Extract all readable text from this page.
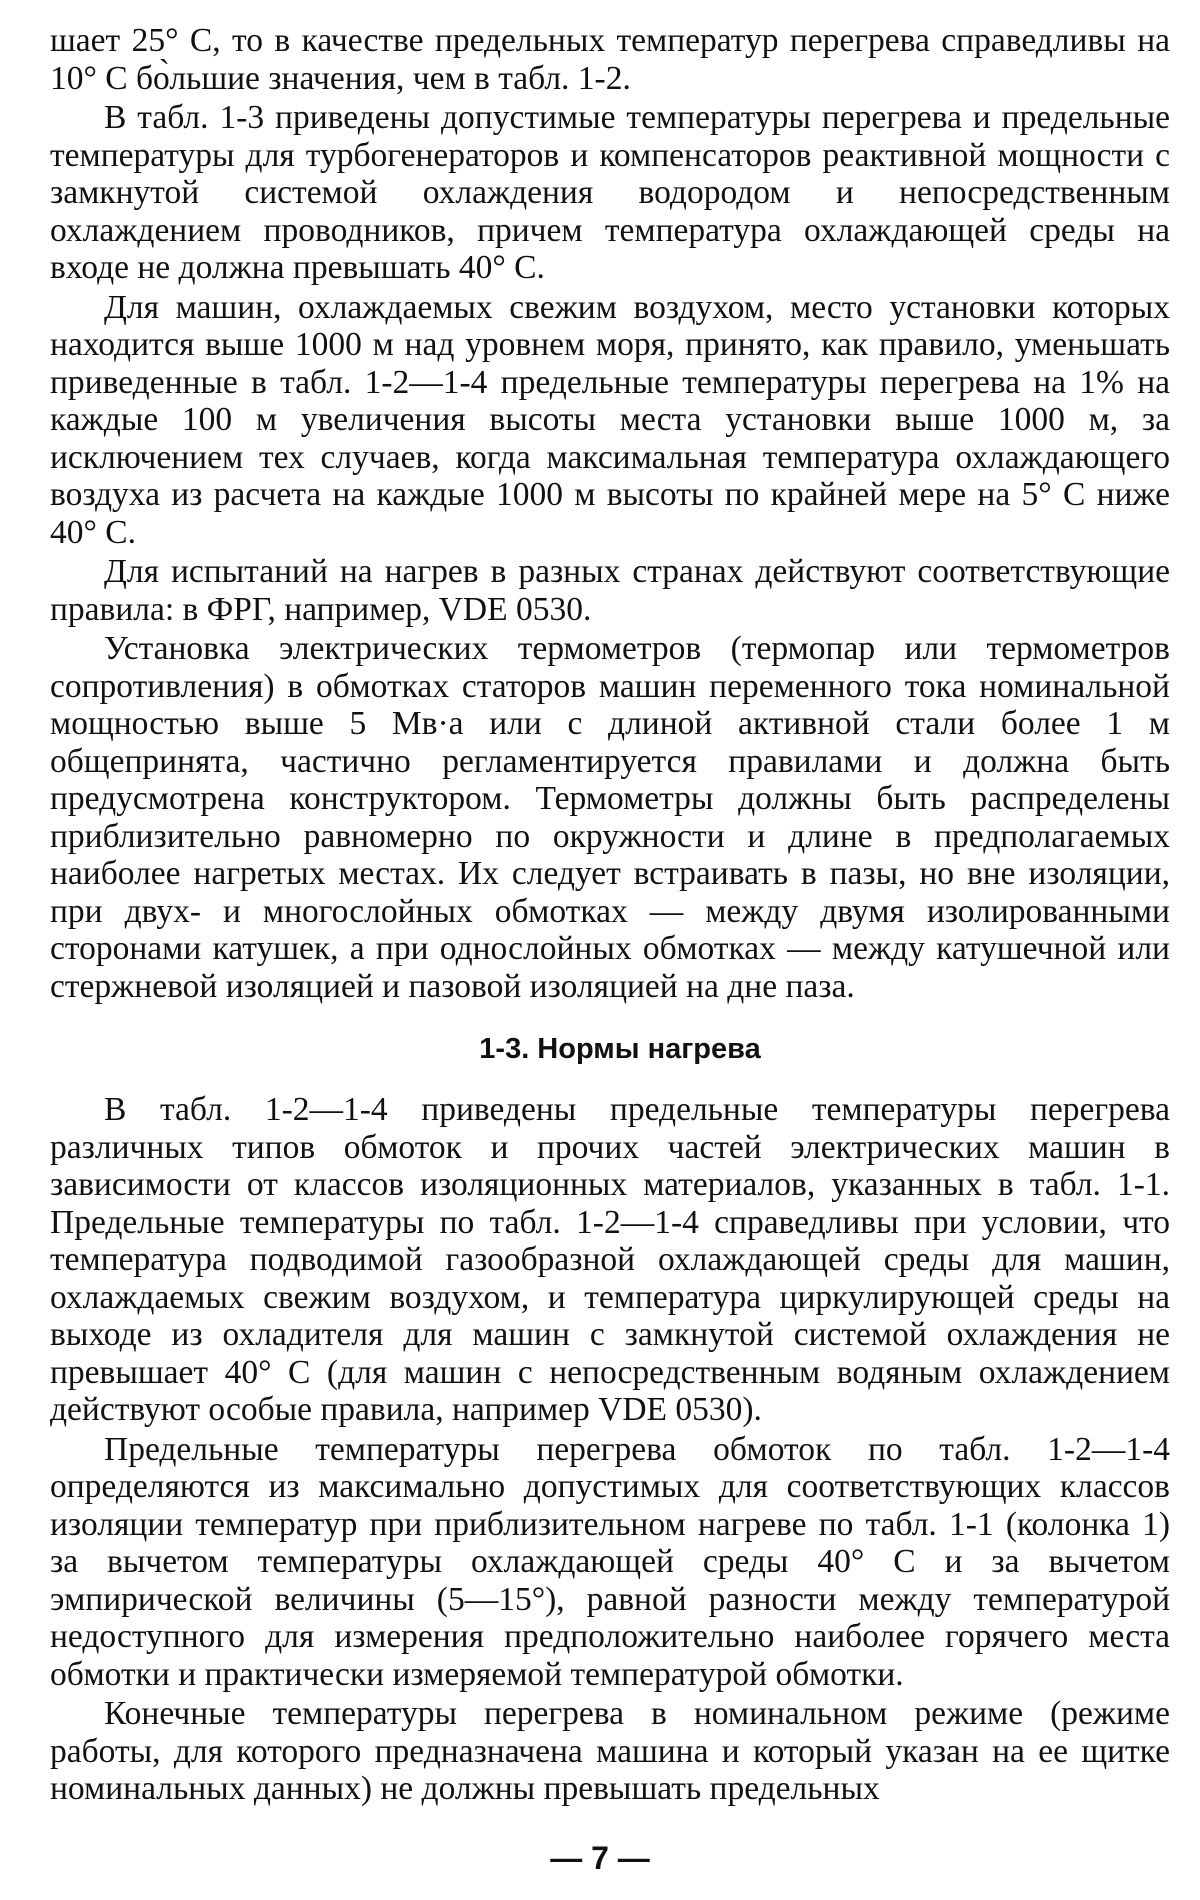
шает 25° С, то в качестве предельных температур перегрева справедливы на 10° С бо̀льшие значения, чем в табл. 1-2.

В табл. 1-3 приведены допустимые температуры перегрева и предельные температуры для турбогенераторов и компенсаторов реактивной мощности с замкнутой системой охлаждения водородом и непосредственным охлаждением проводников, причем температура охлаждающей среды на входе не должна превышать 40° С.

Для машин, охлаждаемых свежим воздухом, место установки которых находится выше 1000 м над уровнем моря, принято, как правило, уменьшать приведенные в табл. 1-2—1-4 предельные температуры перегрева на 1% на каждые 100 м увеличения высоты места установки выше 1000 м, за исключением тех случаев, когда максимальная температура охлаждающего воздуха из расчета на каждые 1000 м высоты по крайней мере на 5° С ниже 40° С.

Для испытаний на нагрев в разных странах действуют соответствующие правила: в ФРГ, например, VDE 0530.

Установка электрических термометров (термопар или термометров сопротивления) в обмотках статоров машин переменного тока номинальной мощностью выше 5 Мв·а или с длиной активной стали более 1 м общепринята, частично регламентируется правилами и должна быть предусмотрена конструктором. Термометры должны быть распределены приблизительно равномерно по окружности и длине в предполагаемых наиболее нагретых местах. Их следует встраивать в пазы, но вне изоляции, при двух- и многослойных обмотках — между двумя изолированными сторонами катушек, а при однослойных обмотках — между катушечной или стержневой изоляцией и пазовой изоляцией на дне паза.

1-3. Нормы нагрева

В табл. 1-2—1-4 приведены предельные температуры перегрева различных типов обмоток и прочих частей электрических машин в зависимости от классов изоляционных материалов, указанных в табл. 1-1. Предельные температуры по табл. 1-2—1-4 справедливы при условии, что температура подводимой газообразной охлаждающей среды для машин, охлаждаемых свежим воздухом, и температура циркулирующей среды на выходе из охладителя для машин с замкнутой системой охлаждения не превышает 40° С (для машин с непосредственным водяным охлаждением действуют особые правила, например VDE 0530).

Предельные температуры перегрева обмоток по табл. 1-2—1-4 определяются из максимально допустимых для соответствующих классов изоляции температур при приблизительном нагреве по табл. 1-1 (колонка 1) за вычетом температуры охлаждающей среды 40° С и за вычетом эмпирической величины (5—15°), равной разности между температурой недоступного для измерения предположительно наиболее горячего места обмотки и практически измеряемой температурой обмотки.

Конечные температуры перегрева в номинальном режиме (режиме работы, для которого предназначена машина и который указан на ее щитке номинальных данных) не должны превышать предельных

— 7 —
